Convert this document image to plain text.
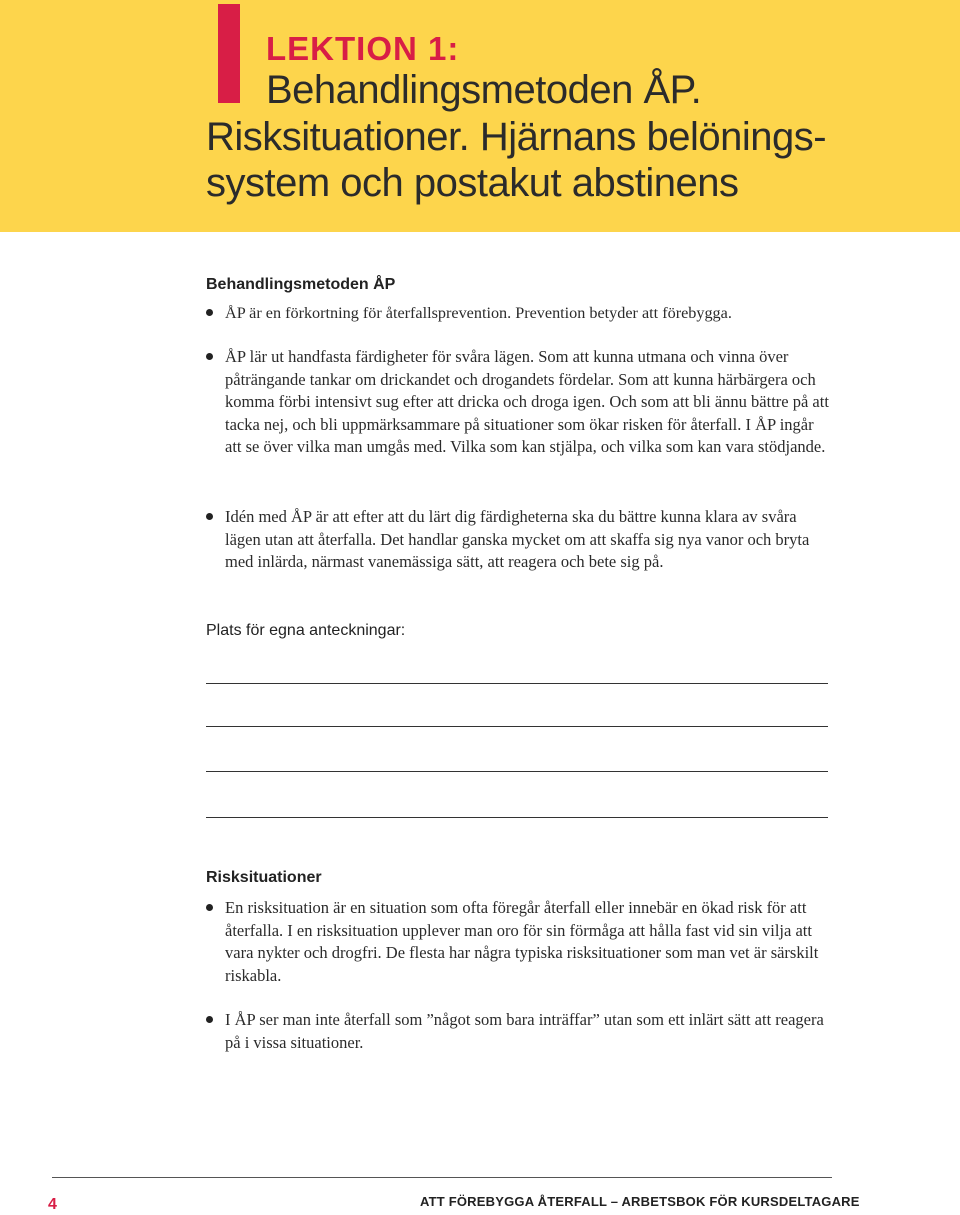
LEKTION 1:
Behandlingsmetoden ÅP.
Risksituationer. Hjärnans belönings-
system och postakut abstinens
Behandlingsmetoden ÅP
ÅP är en förkortning för återfallsprevention. Prevention betyder att förebygga.
ÅP lär ut handfasta färdigheter för svåra lägen. Som att kunna utmana och vinna över påträngande tankar om drickandet och drogandets fördelar. Som att kunna härbärgera och komma förbi intensivt sug efter att dricka och droga igen. Och som att bli ännu bättre på att tacka nej, och bli uppmärksammare på situationer som ökar risken för återfall. I ÅP ingår att se över vilka man umgås med. Vilka som kan stjälpa, och vilka som kan vara stödjande.
Idén med ÅP är att efter att du lärt dig färdigheterna ska du bättre kunna klara av svåra lägen utan att återfalla. Det handlar ganska mycket om att skaffa sig nya vanor och bryta med inlärda, närmast vanemässiga sätt, att reagera och bete sig på.
Plats för egna anteckningar:
Risksituationer
En risksituation är en situation som ofta föregår återfall eller innebär en ökad risk för att återfalla. I en risksituation upplever man oro för sin förmåga att hålla fast vid sin vilja att vara nykter och drogfri. De flesta har några typiska risksituationer som man vet är särskilt riskabla.
I ÅP ser man inte återfall som ”något som bara inträffar” utan som ett inlärt sätt att reagera på i vissa situationer.
4	ATT FÖREBYGGA ÅTERFALL – ARBETSBOK FÖR KURSDELTAGARE
